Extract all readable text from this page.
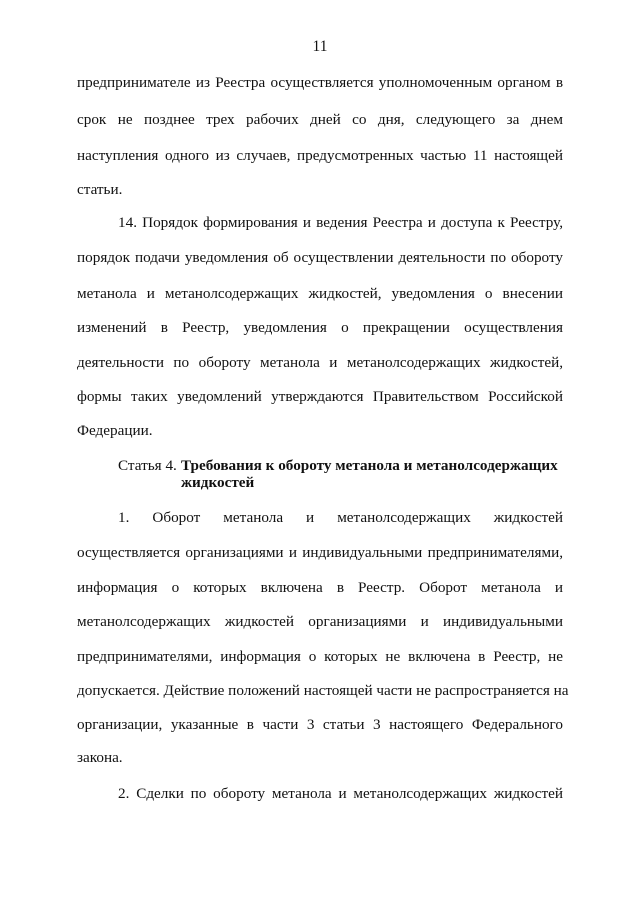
11
предпринимателе из Реестра осуществляется уполномоченным органом в
срок не позднее трех рабочих дней со дня, следующего за днем
наступления одного из случаев, предусмотренных частью 11 настоящей
статьи.
14. Порядок формирования и ведения Реестра и доступа к Реестру,
порядок подачи уведомления об осуществлении деятельности по обороту
метанола и метанолсодержащих жидкостей, уведомления о внесении
изменений в Реестр, уведомления о прекращении осуществления
деятельности по обороту метанола и метанолсодержащих жидкостей,
формы таких уведомлений утверждаются Правительством Российской
Федерации.
Статья 4. Требования к обороту метанола и метанолсодержащих
жидкостей
1. Оборот метанола и метанолсодержащих жидкостей
осуществляется организациями и индивидуальными предпринимателями,
информация о которых включена в Реестр. Оборот метанола и
метанолсодержащих жидкостей организациями и индивидуальными
предпринимателями, информация о которых не включена в Реестр, не
допускается. Действие положений настоящей части не распространяется на
организации, указанные в части 3 статьи 3 настоящего Федерального
закона.
2. Сделки по обороту метанола и метанолсодержащих жидкостей
